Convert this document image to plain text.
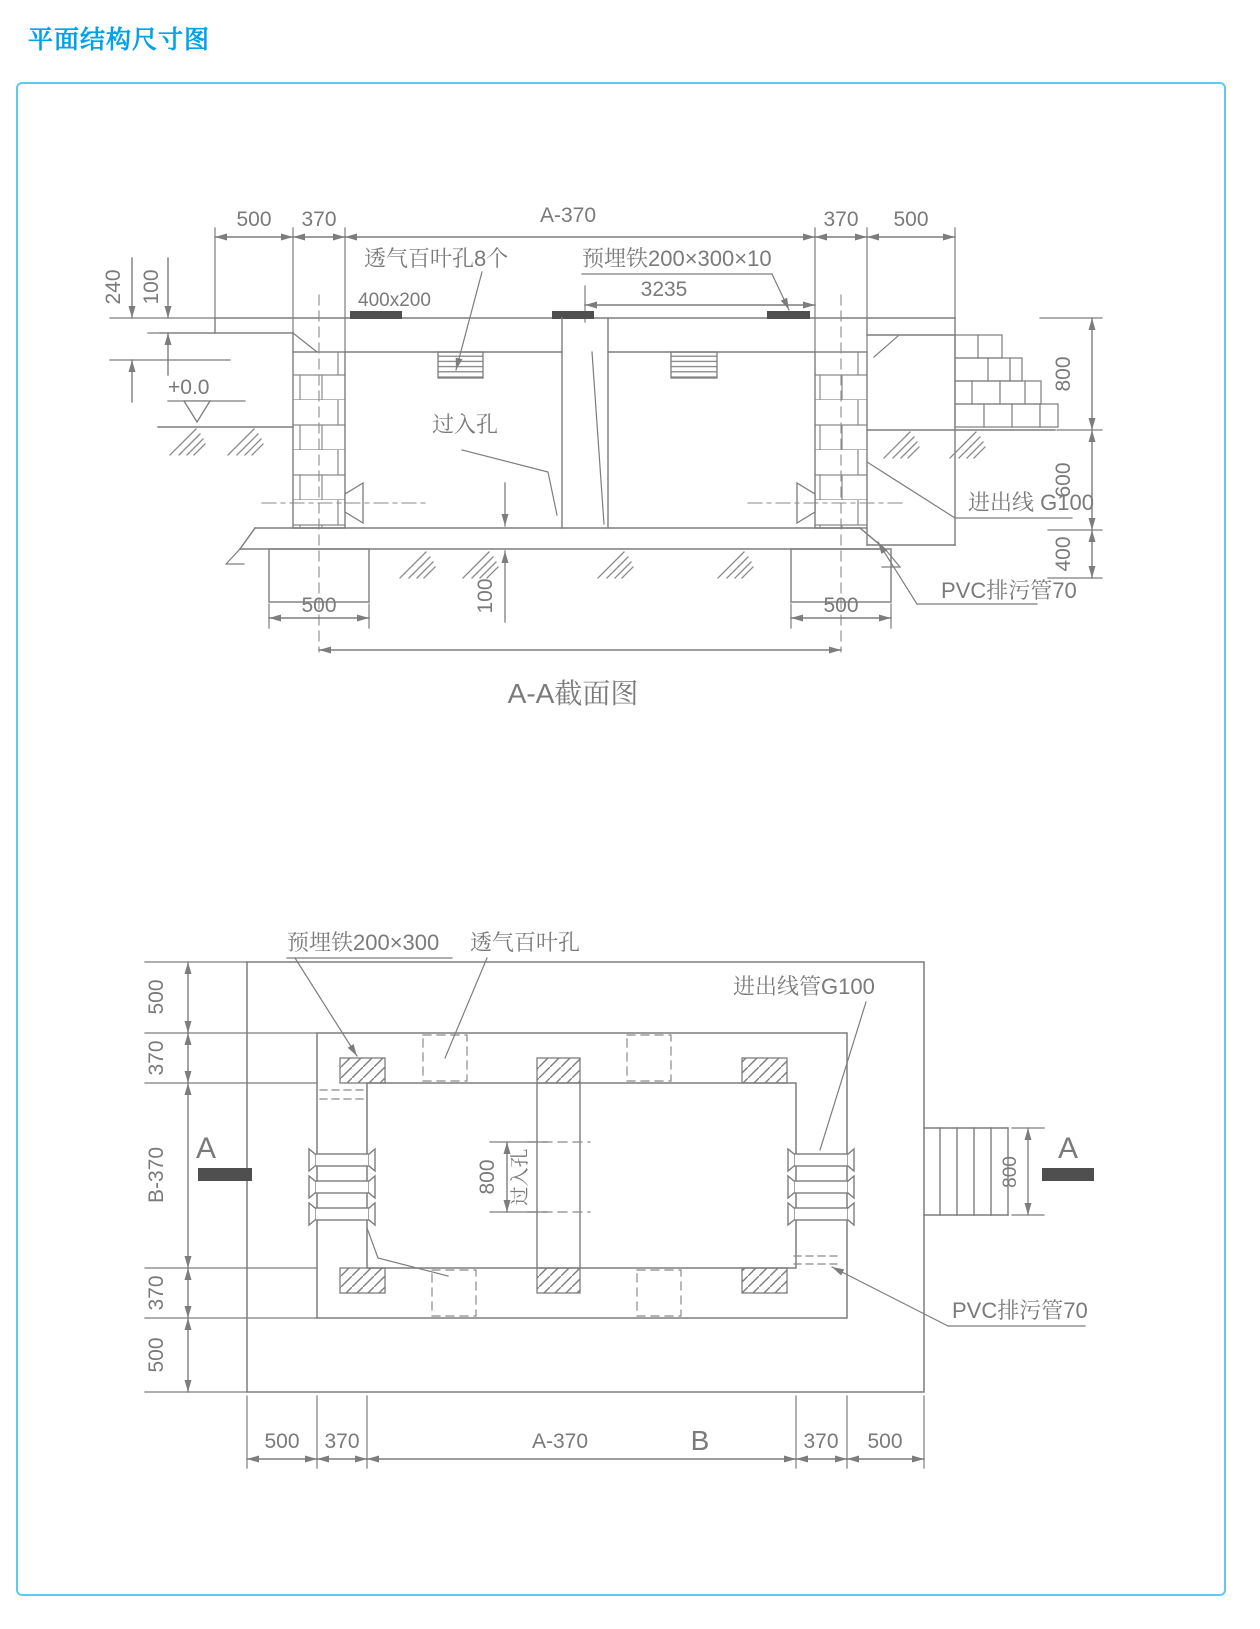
平面结构尺寸图
500 370	A-370	370 500
3235
透气百叶孔8个	预埋铁200×300×10
400x200
240 100
+0.0
过入孔
进出线 G100
PVC排污管70
500	500
100
800
600
400
A-A截面图
800 过入孔	800
A	A
预埋铁200×300 透气百叶孔
进出线管G100
PVC排污管70
500
370
B-370
370
500
500 370	A-370	B	370 500
